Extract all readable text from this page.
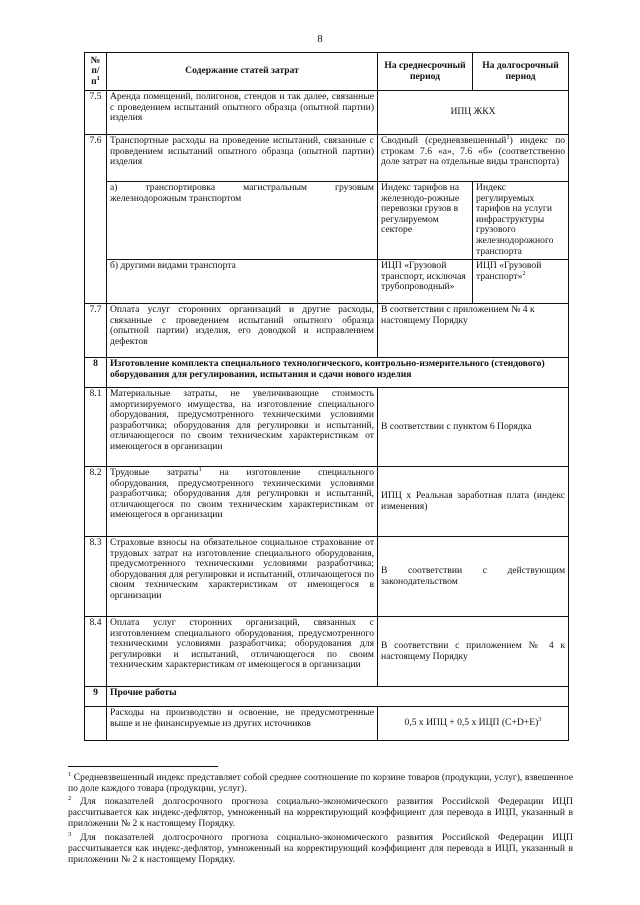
8
№ $п/п^1$	Содержание статей затрат	На среднесрочный период	На долгосрочный период
7.5	Аренда помещений, полигонов, стендов и так далее, связанные с проведением испытаний опытного образца (опытной партии) изделия	ИПЦ ЖКХ	
7.6	Транспортные расходы на проведение испытаний, связанные с проведением испытаний опытного образца (опытной партии) изделия	Сводный (средневзвешенный$^1$) индекс по строкам 7.6 «а», 7.6 «б» (соответственно доле затрат на отдельные виды транспорта)	
	а) транспортировка магистральным грузовым железнодорожным транспортом	Индекс тарифов на железнодо-рожные перевозки грузов в регулируемом секторе	Индекс регулируемых тарифов на услуги инфраструктуры грузового железнодорожного транспорта
	б) другими видами транспорта	ИЦП «Грузовой транспорт, исключая трубопроводный»	ИЦП «Грузовой транспорт»$^2$
7.7	Оплата услуг сторонних организаций и другие расходы, связанные с проведением испытаний опытного образца (опытной партии) изделия, его доводкой и исправлением дефектов	В соответствии с приложением № 4 к настоящему Порядку	
8	Изготовление комплекта специального технологического, контрольно-измерительного (стендового) оборудования для регулирования, испытания и сдачи нового изделия		
8.1	Материальные затраты, не увеличивающие стоимость амортизируемого имущества, на изготовление специального оборудования, предусмотренного техническими условиями разработчика; оборудования для регулировки и испытаний, отличающегося по своим техническим характеристикам от имеющегося в организации	В соответствии с пунктом 6 Порядка	
8.2	Трудовые затраты$^1$ на изготовление специального оборудования, предусмотренного техническими условиями разработчика; оборудования для регулировки и испытаний, отличающегося по своим техническим характеристикам от имеющегося в организации	ИПЦ x Реальная заработная плата (индекс изменения)	
8.3	Страховые взносы на обязательное социальное страхование от трудовых затрат на изготовление специального оборудования, предусмотренного техническими условиями разработчика; оборудования для регулировки и испытаний, отличающегося по своим техническим характеристикам от имеющегося в организации	В соответствии с действующим законодательством	
8.4	Оплата услуг сторонних организаций, связанных с изготовлением специального оборудования, предусмотренного техническими условиями разработчика; оборудования для регулировки и испытаний, отличающегося по своим техническим характеристикам от имеющегося в организации	В соответствии с приложением № 4 к настоящему Порядку	
9	Прочие работы		
	Расходы на производство и освоение, не предусмотренные выше и не финансируемые из других источников	0,5 x ИПЦ + 0,5 x ИЦП $(С+D+E)^3$
$^1$ Средневзвешенный индекс представляет собой среднее соотношение по корзине товаров (продукции, услуг), взвешенное по доле каждого товара (продукции, услуг).
$^2$ Для показателей долгосрочного прогноза социально-экономического развития Российской Федерации ИЦП рассчитывается как индекс-дефлятор, умноженный на корректирующий коэффициент для перевода в ИЦП, указанный в приложении № 2 к настоящему Порядку.
$^3$ Для показателей долгосрочного прогноза социально-экономического развития Российской Федерации ИЦП рассчитывается как индекс-дефлятор, умноженный на корректирующий коэффициент для перевода в ИЦП, указанный в приложении № 2 к настоящему Порядку.
